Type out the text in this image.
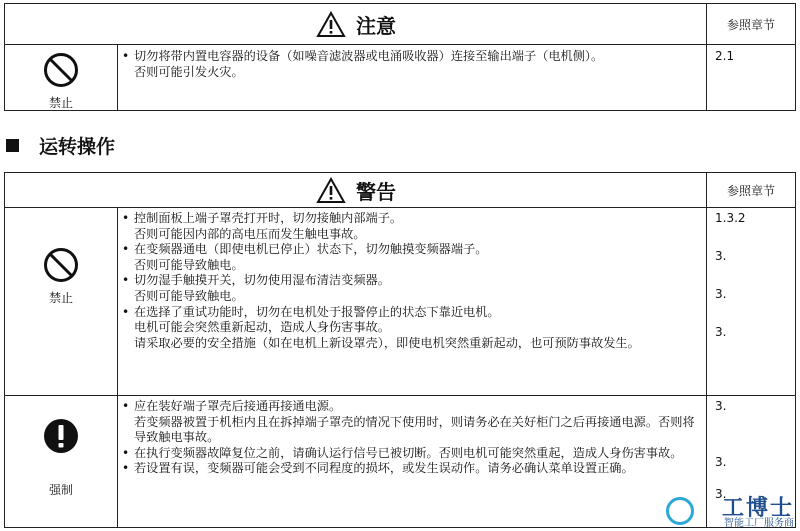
注意	参照章节
禁止
• 切勿将带内置电容器的设备（如噪音滤波器或电涌吸收器）连接至输出端子（电机侧）。
否则可能引发火灾。
2.1
运转操作
警告	参照章节
禁止
• 控制面板上端子罩壳打开时，切勿接触内部端子。
否则可能因内部的高电压而发生触电事故。
• 在变频器通电（即使电机已停止）状态下，切勿触摸变频器端子。
否则可能导致触电。
• 切勿湿手触摸开关，切勿使用湿布清洁变频器。
否则可能导致触电。
• 在选择了重试功能时，切勿在电机处于报警停止的状态下靠近电机。
电机可能会突然重新起动，造成人身伤害事故。
请采取必要的安全措施（如在电机上新设罩壳），即使电机突然重新起动，也可预防事故发生。
1.3.2
3.
3.
3.
强制
• 应在装好端子罩壳后接通再接通电源。
若变频器被置于机柜内且在拆掉端子罩壳的情况下使用时，则请务必在关好柜门之后再接通电源。否则将导致触电事故。
• 在执行变频器故障复位之前，请确认运行信号已被切断。否则电机可能突然重起，造成人身伤害事故。
• 若设置有误，变频器可能会受到不同程度的损坏，或发生误动作。请务必确认菜单设置正确。
3.
3.
3.
工博士
智能工厂服务商
